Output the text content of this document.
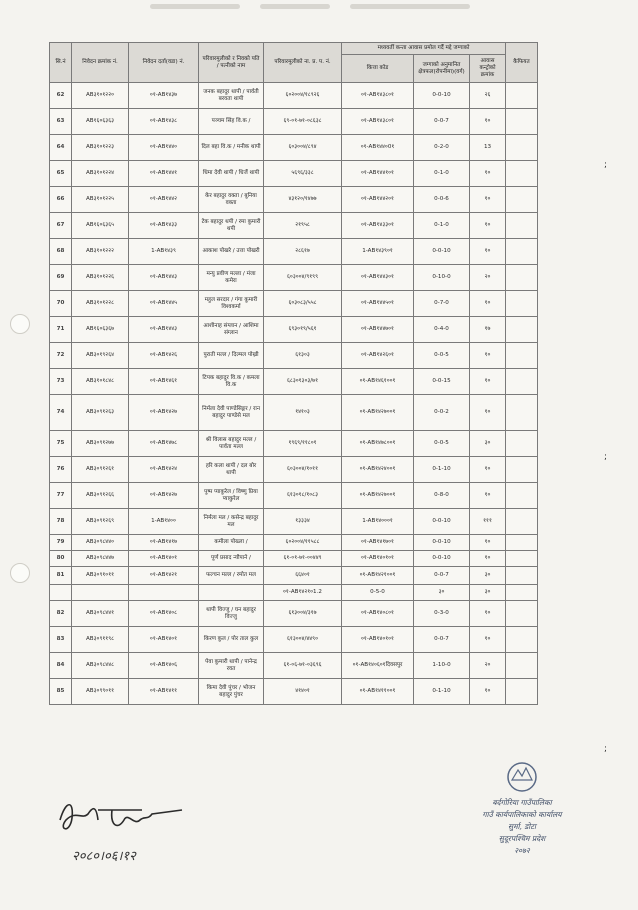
;
;
;
सि.नं	निवेदन क्रमांक नं.	निवेदन दर्ता(वडा) नं.	परिवारमुलीको र निवको पति / पत्नीको नाम	परिवारमुलीको ना. प्र. प. नं.	मध्यवर्ती कन्ता आवास प्रमोल गर्दै मद्दे जग्गाको			कैफियत
					कित्ता कोड	जग्गाको अनुमानित क्षेत्रफल(रोपनीमा)(वर्ग)	आवास कन्ट्रोको क्रमांक	
62	AB३१०१२२०	०१-AB१४३७	जनक बहादुर थापी / पार्वती बरवता थापी	६०२००४/१८९२६	०१-AB१४३८०१	0-0-10	२६	
63	AB१६०६३६३	०१-AB१४३८	पञ्चम सिंह वि.क /	६९-०१-७१-०८६३८	०१-AB१४३८०१	0-0-7	१०	
64	AB३१०१२२३	०१-AB१४४०	दिल बहा वि.क / मनीक थापी	६०३००४/८९४	०१-AB१४४०0१	0-2-0	13	
65	AB३१०१२२४	०१-AB१४४१	धिमा देवी थापी / धिर्जे थापी	५६९६/३३८	०१-AB१४४१०१	0-1-0	१०	
66	AB३१०१२२५	०१-AB१४४२	केर बहादुर वक्ता / बुनिया वक्ता	४३१२०/१४७७	०१-AB१४४२०१	0-0-6	१०	
67	AB१६०६३६५	०१-AB१४३३	टेक बहादुर थपी / रमा कुमारी थपी	२१९५८	०१-AB१४३३०१	0-1-0	१०	
68	AB३१०१२२२	1-AB१४३९	आकाश पोखरे / उत्ता पोखरी	२८६१७	1-AB१४३९०१	0-0-10	१०	
69	AB३१०१२२६	०१-AB१४४३	मन्यु प्रवीण मल्ला / मंजा कमेरा	६०३००४/९१९९	०१-AB१४४३०१	0-10-0	२०	
70	AB३१०१२२८	०१-AB१४४५	महुल सरदार / गंगा कुमारी विश्वकर्मा	६०३०८३/५५८	०१-AB१४४५०१	0-7-0	१०	
71	AB१६०६३६७	०१-AB१४४३	आशीनाह संग्लान / आशिमा संग्लान	६९३०१९/५६१	०१-AB१४४७०१	0-4-0	१७	
72	AB३०१९२६४	०१-AB१४२६	पुराती मल्ल / दिल्मल पोख्री	६१३०३	०१-AB१४२६०१	0-0-5	१०	
73	AB३१०१८४८	०१-AB१४६१	टिपक बहादुर वि.क / कमला वि.क	६८३०१३०३/७१	०१-AB१४६१००१	0-0-15	१०	
74	AB३०९१२६३	०१-AB१४२७	निर्मला देवी पाण्डेसिङ्गर / रान बहादुर पाण्डेसे मल	१४१०३	०१-AB१४२७००१	0-0-2	१०	
75	AB३०९१२७७	०१-AB१४७८	श्री विलास बहादुर मल्ल / पार्वता मल्ल	१९६९/११८०१	०१-AB१४७८००१	0-0-5	३०	
76	AB३०९१२६१	०१-AB१४२४	हरि कला थापी / दल बोर थापी	६०३००४/१०११	०१-AB१४२४००१	0-1-10	१०	
77	AB३०९१२६६	०१-AB१४२७	पुष्प प्याकुरेल / विष्णु प्रिया प्याकुरेल	६१३०१८/१०८३	०१-AB१४२७००१	0-8-0	१०	
78	AB३०९१२६९	1-AB१४००	निर्मला मल / कसेन्द्र बहादुर मल	१३३३४	1-AB१४०००१	0-0-10	१११	
79	AB३०९८४४०	०१-AB१४१७	कमीला पोख्ला /	६०२००४/११५८८	०१-AB१४१७०१	0-0-10	१०	
80	AB३०९८४४७	०१-AB१४०१	पूर्ण प्रसाद न्यौपाने /	६१-०१-७१-००४४९	०१-AB१४०१०१	0-0-10	१०	
81	AB३०९१०११	०१-AB१४२१	फल्चन मल्ल / रमोत मल	६६४०१	०१-AB१४२१००१	0-0-7	३०	
				०१-AB१४२१०1.2	0-5-0	३०	३०	
82	AB३०९८४४१	०१-AB१४०८	थापी विज्जु / घन बहादुर विज्जु	६१३००४/३१७	०१-AB१४०८०१	0-3-0	१०	
83	AB३०९११९८	०१-AB१४०१	किरण कुल / पोर ताल कुल	६१३००४/४४९०	०१-AB१४०१०१	0-0-7	१०	
84	AB३०९८४४८	०१-AB१४०६	पेवा कुमारी थापी / पानेन्द्र रवत	६१-०६-७१-०३६९६	०१-AB१४०६०१दिवसपुर	1-10-0	२०	
85	AB३०९९०११	०१-AB१४११	किमा देवी पुंचर / भोजन बहादुर पुंचर	४१४०१	०१-AB१४११००१	0-1-10	१०	
२०८०।०६।१२
बर्दगोरिया गाउँपालिका
गाउँ कार्यपालिकाको कार्यालय
सुर्मा, डोटा
सुदूरपश्चिम प्रदेश
२०७२
